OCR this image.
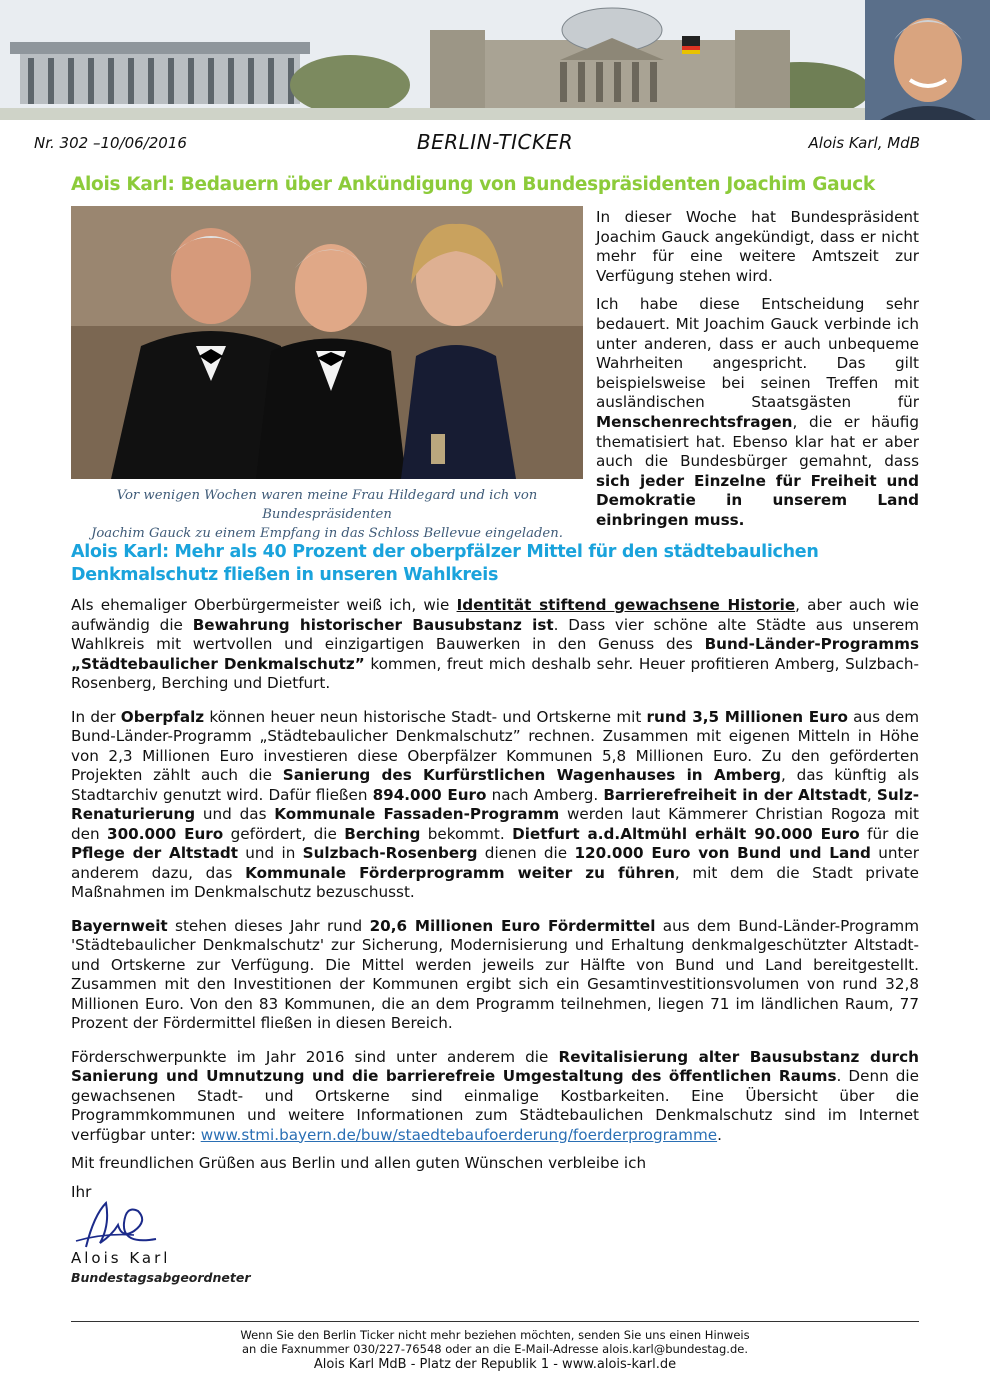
Nr. 302 –10/06/2016	BERLIN-TICKER	Alois Karl, MdB
Alois Karl: Bedauern über Ankündigung von Bundespräsidenten Joachim Gauck
Vor wenigen Wochen waren meine Frau Hildegard und ich von Bundespräsidenten
Joachim Gauck zu einem Empfang in das Schloss Bellevue eingeladen.

In dieser Woche hat Bundespräsident Joachim Gauck angekündigt, dass er nicht mehr für eine weitere Amtszeit zur Verfügung stehen wird.

Ich habe diese Entscheidung sehr bedauert. Mit Joachim Gauck verbinde ich unter anderen, dass er auch unbequeme Wahrheiten angespricht. Das gilt beispielsweise bei seinen Treffen mit ausländischen Staatsgästen für Menschenrechtsfragen, die er häufig thematisiert hat. Ebenso klar hat er aber auch die Bundesbürger gemahnt, dass sich jeder Einzelne für Freiheit und Demokratie in unserem Land einbringen muss.

Alois Karl: Mehr als 40 Prozent der oberpfälzer Mittel für den städtebaulichen Denkmalschutz fließen in unseren Wahlkreis

Als ehemaliger Oberbürgermeister weiß ich, wie Identität stiftend gewachsene Historie, aber auch wie aufwändig die Bewahrung historischer Bausubstanz ist. Dass vier schöne alte Städte aus unserem Wahlkreis mit wertvollen und einzigartigen Bauwerken in den Genuss des Bund-Länder-Programms „Städtebaulicher Denkmalschutz” kommen, freut mich deshalb sehr. Heuer profitieren Amberg, Sulzbach-Rosenberg, Berching und Dietfurt.

In der Oberpfalz können heuer neun historische Stadt- und Ortskerne mit rund 3,5 Millionen Euro aus dem Bund-Länder-Programm „Städtebaulicher Denkmalschutz” rechnen. Zusammen mit eigenen Mitteln in Höhe von 2,3 Millionen Euro investieren diese Oberpfälzer Kommunen 5,8 Millionen Euro. Zu den geförderten Projekten zählt auch die Sanierung des Kurfürstlichen Wagenhauses in Amberg, das künftig als Stadtarchiv genutzt wird. Dafür fließen 894.000 Euro nach Amberg. Barrierefreiheit in der Altstadt, Sulz-Renaturierung und das Kommunale Fassaden-Programm werden laut Kämmerer Christian Rogoza mit den 300.000 Euro gefördert, die Berching bekommt. Dietfurt a.d.Altmühl erhält 90.000 Euro für die Pflege der Altstadt und in Sulzbach-Rosenberg dienen die 120.000 Euro von Bund und Land unter anderem dazu, das Kommunale Förderprogramm weiter zu führen, mit dem die Stadt private Maßnahmen im Denkmalschutz bezuschusst.

Bayernweit stehen dieses Jahr rund 20,6 Millionen Euro Fördermittel aus dem Bund-Länder-Programm 'Städtebaulicher Denkmalschutz' zur Sicherung, Modernisierung und Erhaltung denkmalgeschützter Altstadt- und Ortskerne zur Verfügung. Die Mittel werden jeweils zur Hälfte von Bund und Land bereitgestellt. Zusammen mit den Investitionen der Kommunen ergibt sich ein Gesamtinvestitionsvolumen von rund 32,8 Millionen Euro. Von den 83 Kommunen, die an dem Programm teilnehmen, liegen 71 im ländlichen Raum, 77 Prozent der Fördermittel fließen in diesen Bereich.

Förderschwerpunkte im Jahr 2016 sind unter anderem die Revitalisierung alter Bausubstanz durch Sanierung und Umnutzung und die barrierefreie Umgestaltung des öffentlichen Raums. Denn die gewachsenen Stadt- und Ortskerne sind einmalige Kostbarkeiten. Eine Übersicht über die Programmkommunen und weitere Informationen zum Städtebaulichen Denkmalschutz sind im Internet verfügbar unter: www.stmi.bayern.de/buw/staedtebaufoerderung/foerderprogramme.

Mit freundlichen Grüßen aus Berlin und allen guten Wünschen verbleibe ich
Ihr
Alois Karl
Bundestagsabgeordneter
Wenn Sie den Berlin Ticker nicht mehr beziehen möchten, senden Sie uns einen Hinweis
an die Faxnummer 030/227-76548 oder an die E-Mail-Adresse alois.karl@bundestag.de.
Alois Karl MdB - Platz der Republik 1 - www.alois-karl.de
